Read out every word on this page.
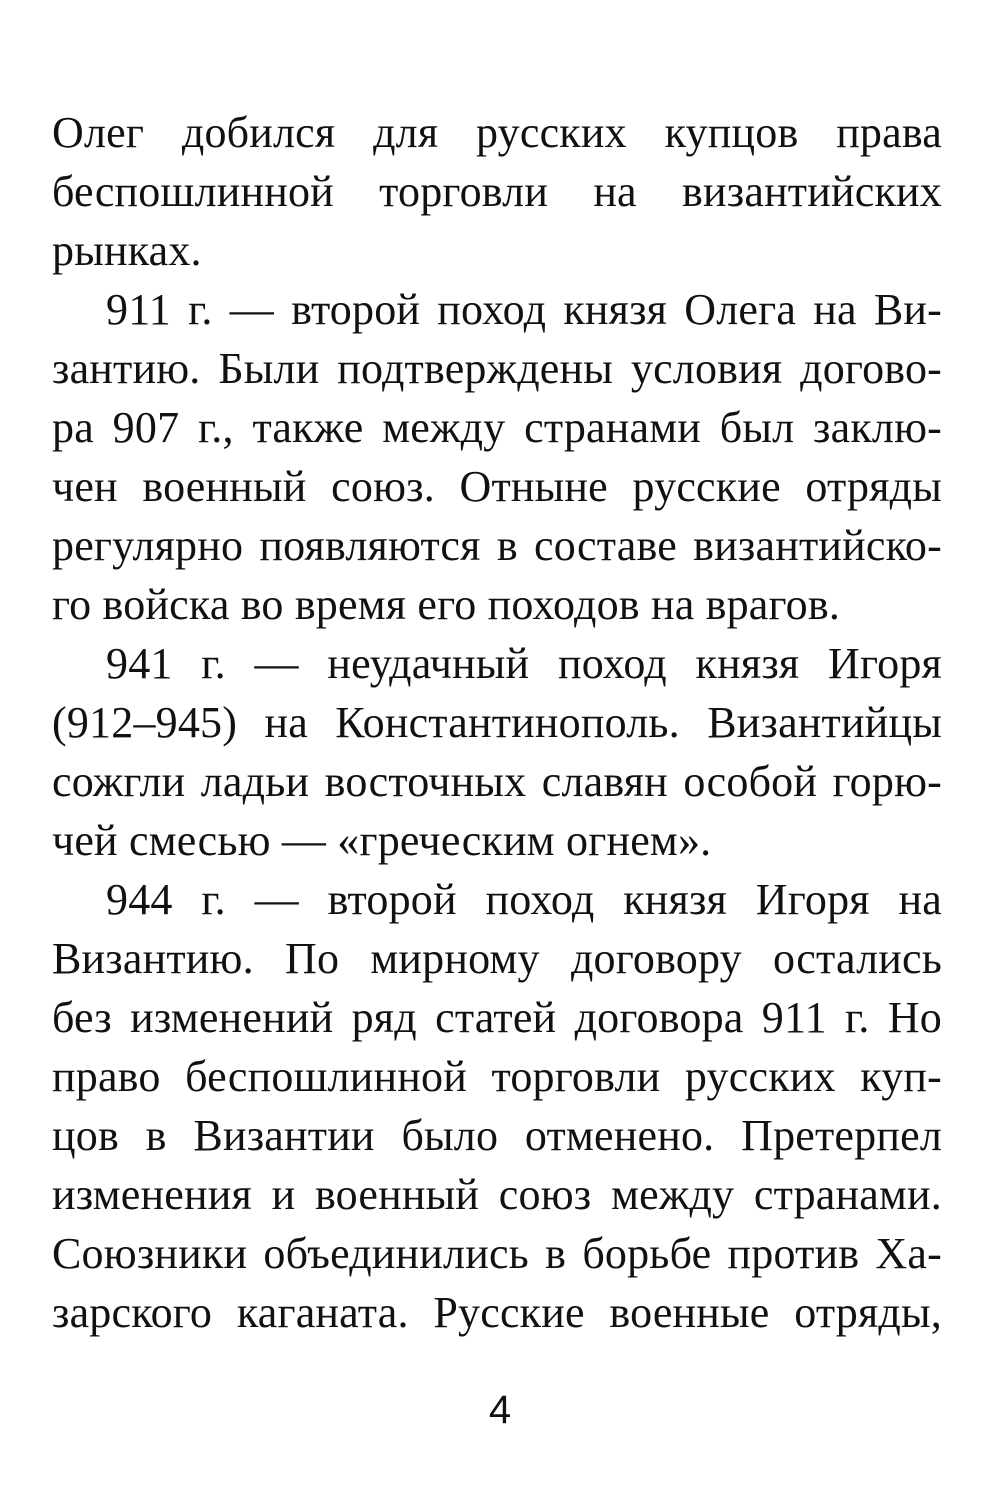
Олег добился для русских купцов права

беспошлинной торговли на византийских

рынках.

911 г. — второй поход князя Олега на Ви-

зантию. Были подтверждены условия догово-

ра 907 г., также между странами был заклю-

чен военный союз. Отныне русские отряды

регулярно появляются в составе византийско-

го войска во время его походов на врагов.

941 г. — неудачный поход князя Игоря

(912–945) на Константинополь. Византийцы

сожгли ладьи восточных славян особой горю-

чей смесью — «греческим огнем».

944 г. — второй поход князя Игоря на

Византию. По мирному договору остались

без изменений ряд статей договора 911 г. Но

право беспошлинной торговли русских куп-

цов в Византии было отменено. Претерпел

изменения и военный союз между странами.

Союзники объединились в борьбе против Ха-

зарского каганата. Русские военные отряды,

4
